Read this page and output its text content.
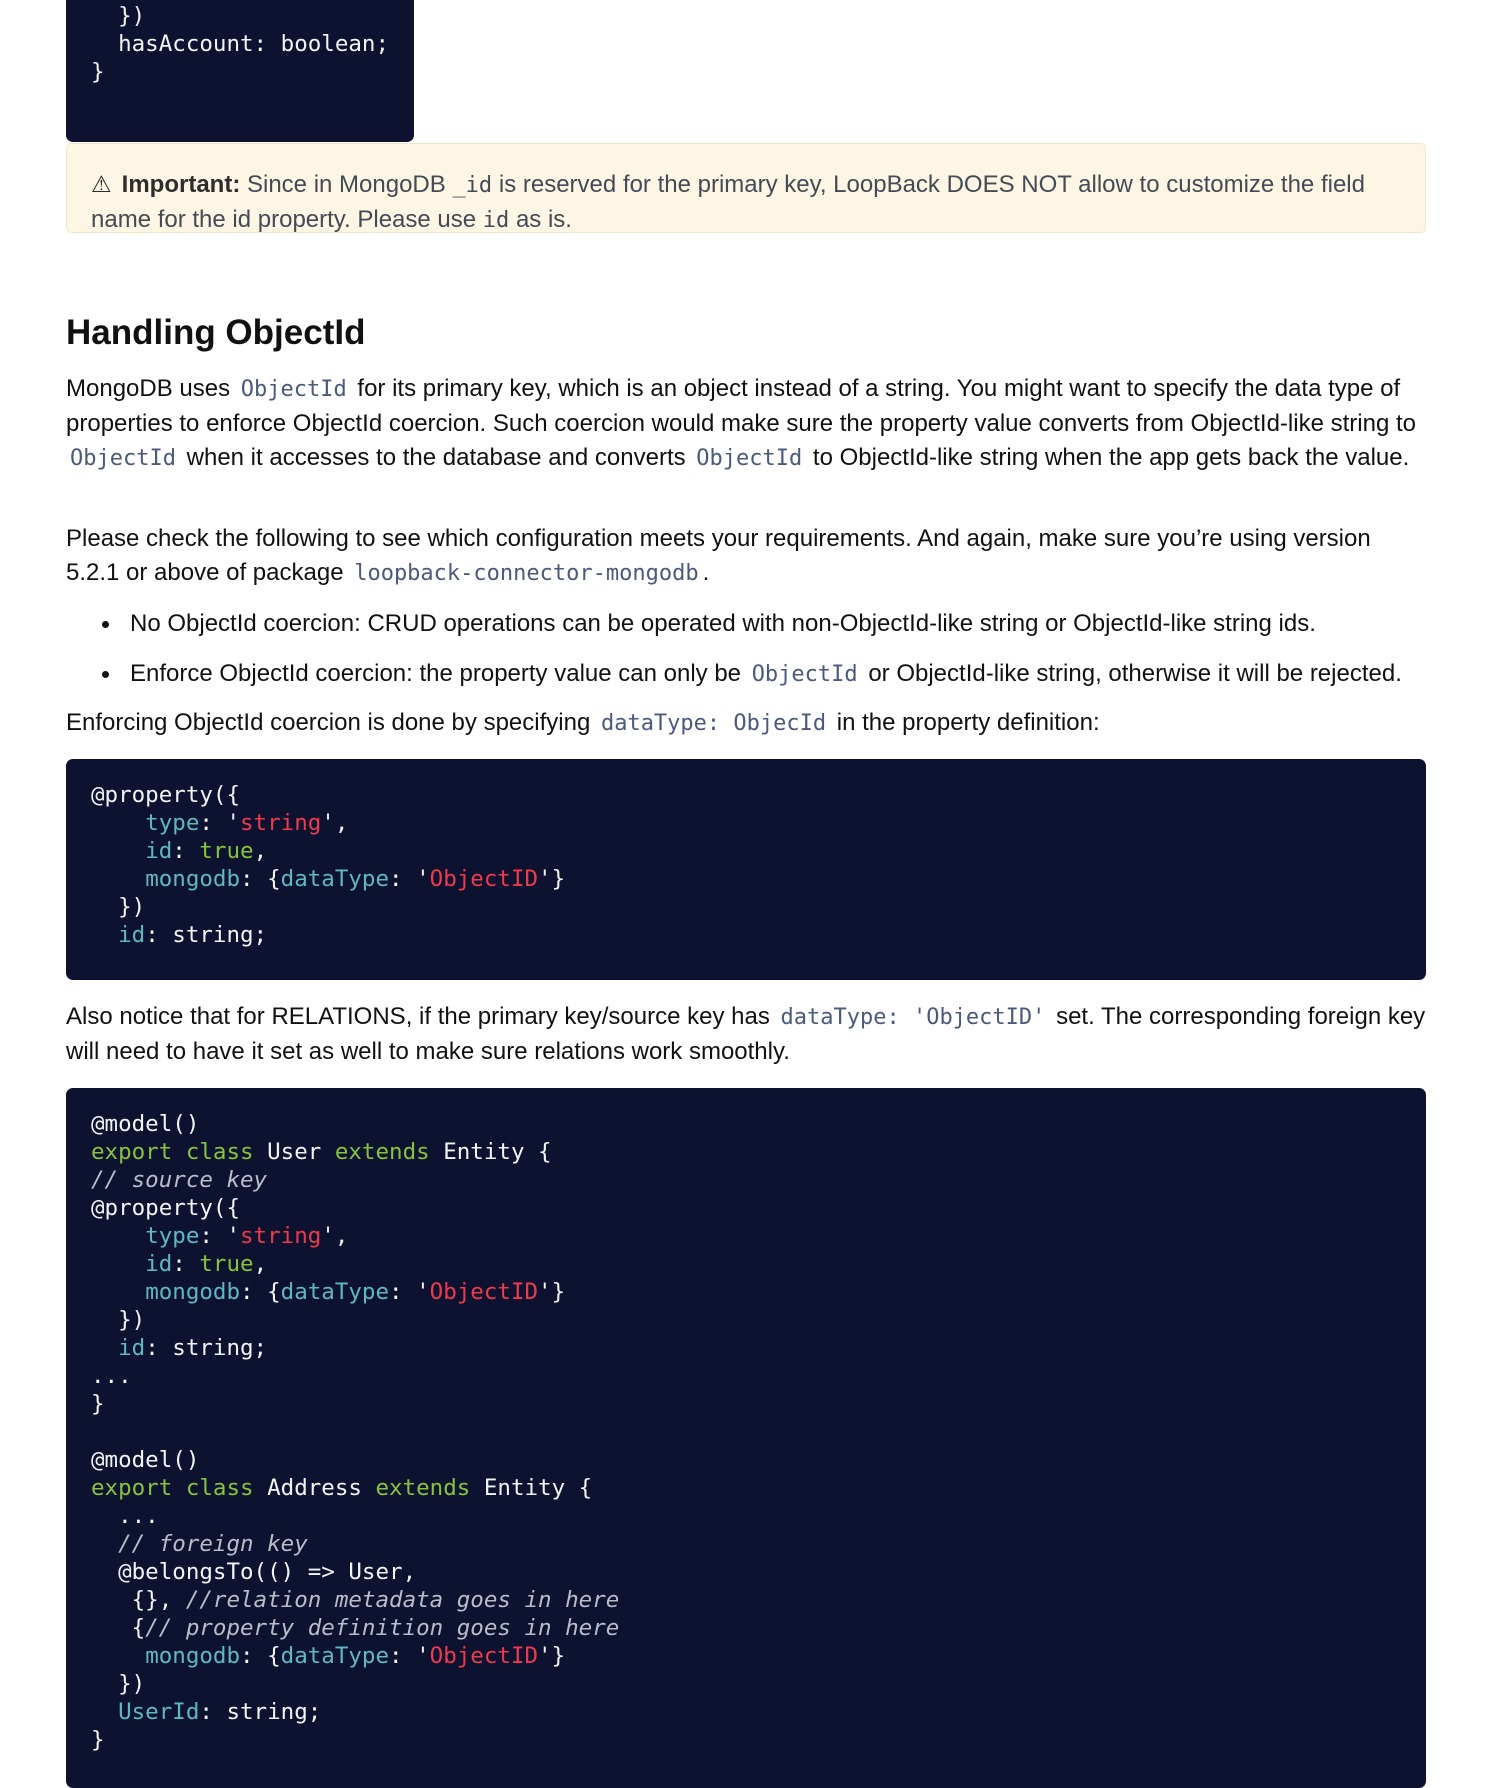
})
hasAccount: boolean;
}
⚠ Important: Since in MongoDB _id is reserved for the primary key, LoopBack DOES NOT allow to customize the field name for the id property. Please use id as is.
Handling ObjectId

MongoDB uses ObjectId for its primary key, which is an object instead of a string. You might want to specify the data type of properties to enforce ObjectId coercion. Such coercion would make sure the property value converts from ObjectId-like string to ObjectId when it accesses to the database and converts ObjectId to ObjectId-like string when the app gets back the value.

Please check the following to see which configuration meets your requirements. And again, make sure you’re using version 5.2.1 or above of package loopback-connector-mongodb .

No ObjectId coercion: CRUD operations can be operated with non-ObjectId-like string or ObjectId-like string ids.
Enforce ObjectId coercion: the property value can only be ObjectId or ObjectId-like string, otherwise it will be rejected.

Enforcing ObjectId coercion is done by specifying dataType: ObjecId in the property definition:

@property({
type: 'string',
id: true,
mongodb: {dataType: 'ObjectID'}
})
id: string;

Also notice that for RELATIONS, if the primary key/source key has dataType: 'ObjectID' set. The corresponding foreign key will need to have it set as well to make sure relations work smoothly.

@model()
export class User extends Entity {
// source key
@property({
type: 'string',
id: true,
mongodb: {dataType: 'ObjectID'}
})
id: string;
...
}

@model()
export class Address extends Entity {
...
// foreign key
@belongsTo(() => User,
{}, //relation metadata goes in here
{// property definition goes in here
mongodb: {dataType: 'ObjectID'}
})
UserId: string;
}
